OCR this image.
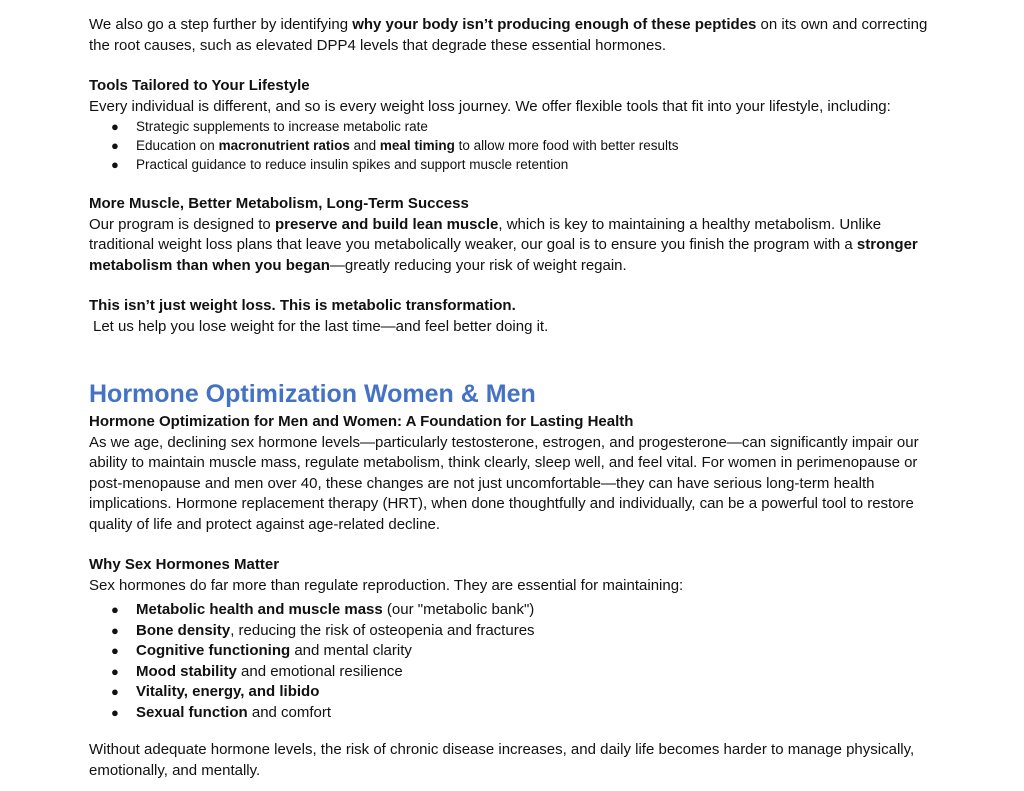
We also go a step further by identifying why your body isn’t producing enough of these peptides on its own and correcting the root causes, such as elevated DPP4 levels that degrade these essential hormones.

Tools Tailored to Your Lifestyle

Every individual is different, and so is every weight loss journey. We offer flexible tools that fit into your lifestyle, including:

● Strategic supplements to increase metabolic rate
● Education on macronutrient ratios and meal timing to allow more food with better results
● Practical guidance to reduce insulin spikes and support muscle retention

More Muscle, Better Metabolism, Long-Term Success

Our program is designed to preserve and build lean muscle, which is key to maintaining a healthy metabolism. Unlike traditional weight loss plans that leave you metabolically weaker, our goal is to ensure you finish the program with a stronger metabolism than when you began—greatly reducing your risk of weight regain.

This isn’t just weight loss. This is metabolic transformation.

Let us help you lose weight for the last time—and feel better doing it.

Hormone Optimization Women & Men

Hormone Optimization for Men and Women: A Foundation for Lasting Health

As we age, declining sex hormone levels—particularly testosterone, estrogen, and progesterone—can significantly impair our ability to maintain muscle mass, regulate metabolism, think clearly, sleep well, and feel vital. For women in perimenopause or post-menopause and men over 40, these changes are not just uncomfortable—they can have serious long-term health implications. Hormone replacement therapy (HRT), when done thoughtfully and individually, can be a powerful tool to restore quality of life and protect against age-related decline.

Why Sex Hormones Matter

Sex hormones do far more than regulate reproduction. They are essential for maintaining:

● Metabolic health and muscle mass (our "metabolic bank")
● Bone density, reducing the risk of osteopenia and fractures
● Cognitive functioning and mental clarity
● Mood stability and emotional resilience
● Vitality, energy, and libido
● Sexual function and comfort

Without adequate hormone levels, the risk of chronic disease increases, and daily life becomes harder to manage physically, emotionally, and mentally.
